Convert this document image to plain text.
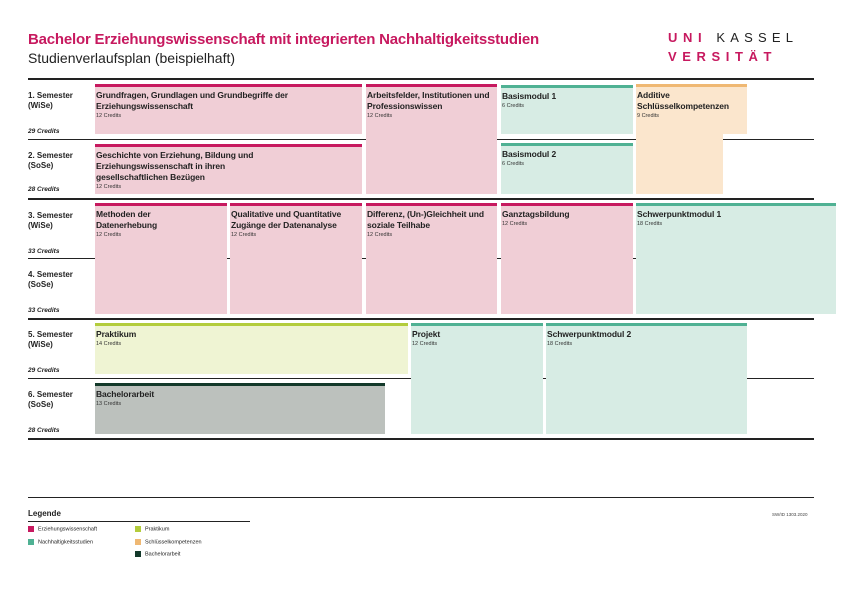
Bachelor Erziehungswissenschaft mit integrierten Nachhaltigkeitsstudien
Studienverlaufsplan (beispielhaft)
UNI KASSEL
VERSITÄT
1. Semester
(WiSe)
29 Credits
2. Semester
(SoSe)
28 Credits
3. Semester
(WiSe)
33 Credits
4. Semester
(SoSe)
33 Credits
5. Semester
(WiSe)
29 Credits
6. Semester
(SoSe)
28 Credits
Grundfragen, Grundlagen und Grundbegriffe der Erziehungswissenschaft
12 Credits
Arbeitsfelder, Institutionen und Professionswissen
12 Credits
Basismodul 1
6 Credits
Additive Schlüsselkompetenzen
9 Credits
Geschichte von Erziehung, Bildung und Erziehungswissenschaft in ihren gesellschaftlichen Bezügen
12 Credits
Basismodul 2
6 Credits
Methoden der Datenerhebung
12 Credits
Qualitative und Quantitative Zugänge der Datenanalyse
12 Credits
Differenz, (Un-)Gleichheit und soziale Teilhabe
12 Credits
Ganztagsbildung
12 Credits
Schwerpunktmodul 1
18 Credits
Praktikum
14 Credits
Projekt
12 Credits
Schwerpunktmodul 2
18 Credits
Bachelorarbeit
13 Credits
Legende	SW/ID 1303.2020
Erziehungswissenschaft
Nachhaltigkeitsstudien
Praktikum
Schlüsselkompetenzen
Bachelorarbeit
